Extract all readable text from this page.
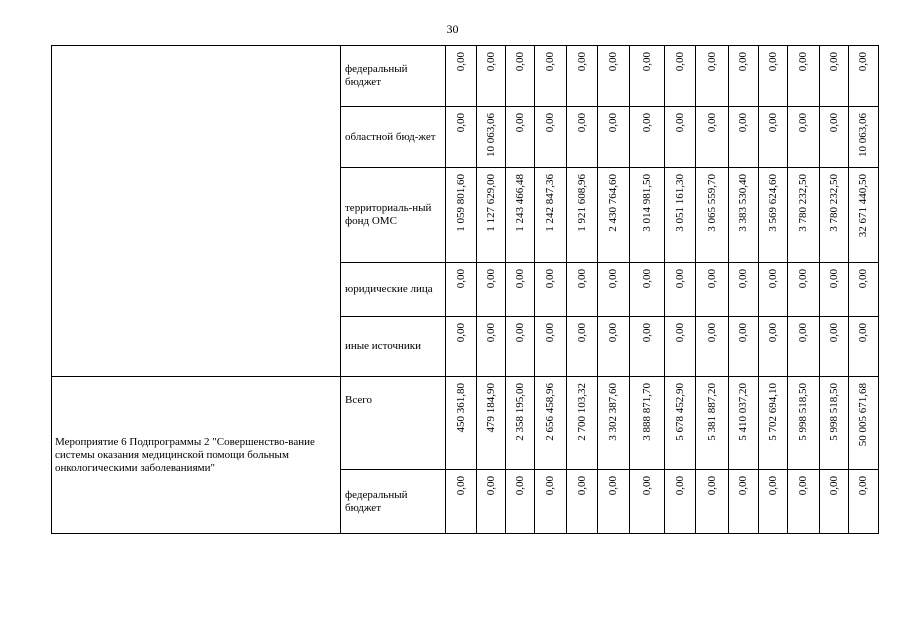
30
	федеральный бюджет	0,00	0,00	0,00	0,00	0,00	0,00	0,00	0,00	0,00	0,00	0,00	0,00	0,00	0,00
	областной бюд-жет	0,00	10 063,06	0,00	0,00	0,00	0,00	0,00	0,00	0,00	0,00	0,00	0,00	0,00	10 063,06
	территориаль-ный фонд ОМС	1 059 801,60	1 127 629,00	1 243 466,48	1 242 847,36	1 921 608,96	2 430 764,60	3 014 981,50	3 051 161,30	3 065 559,70	3 383 530,40	3 569 624,60	3 780 232,50	3 780 232,50	32 671 440,50
	юридические лица	0,00	0,00	0,00	0,00	0,00	0,00	0,00	0,00	0,00	0,00	0,00	0,00	0,00	0,00
	иные источники	0,00	0,00	0,00	0,00	0,00	0,00	0,00	0,00	0,00	0,00	0,00	0,00	0,00	0,00
Мероприятие 6 Подпрограммы 2 "Совершенство-вание системы оказания медицинской помощи больным онкологическими заболеваниями"	Всего	450 361,80	479 184,90	2 358 195,00	2 656 458,96	2 700 103,32	3 302 387,60	3 888 871,70	5 678 452,90	5 381 887,20	5 410 037,20	5 702 694,10	5 998 518,50	5 998 518,50	50 005 671,68
	федеральный бюджет	0,00	0,00	0,00	0,00	0,00	0,00	0,00	0,00	0,00	0,00	0,00	0,00	0,00	0,00
